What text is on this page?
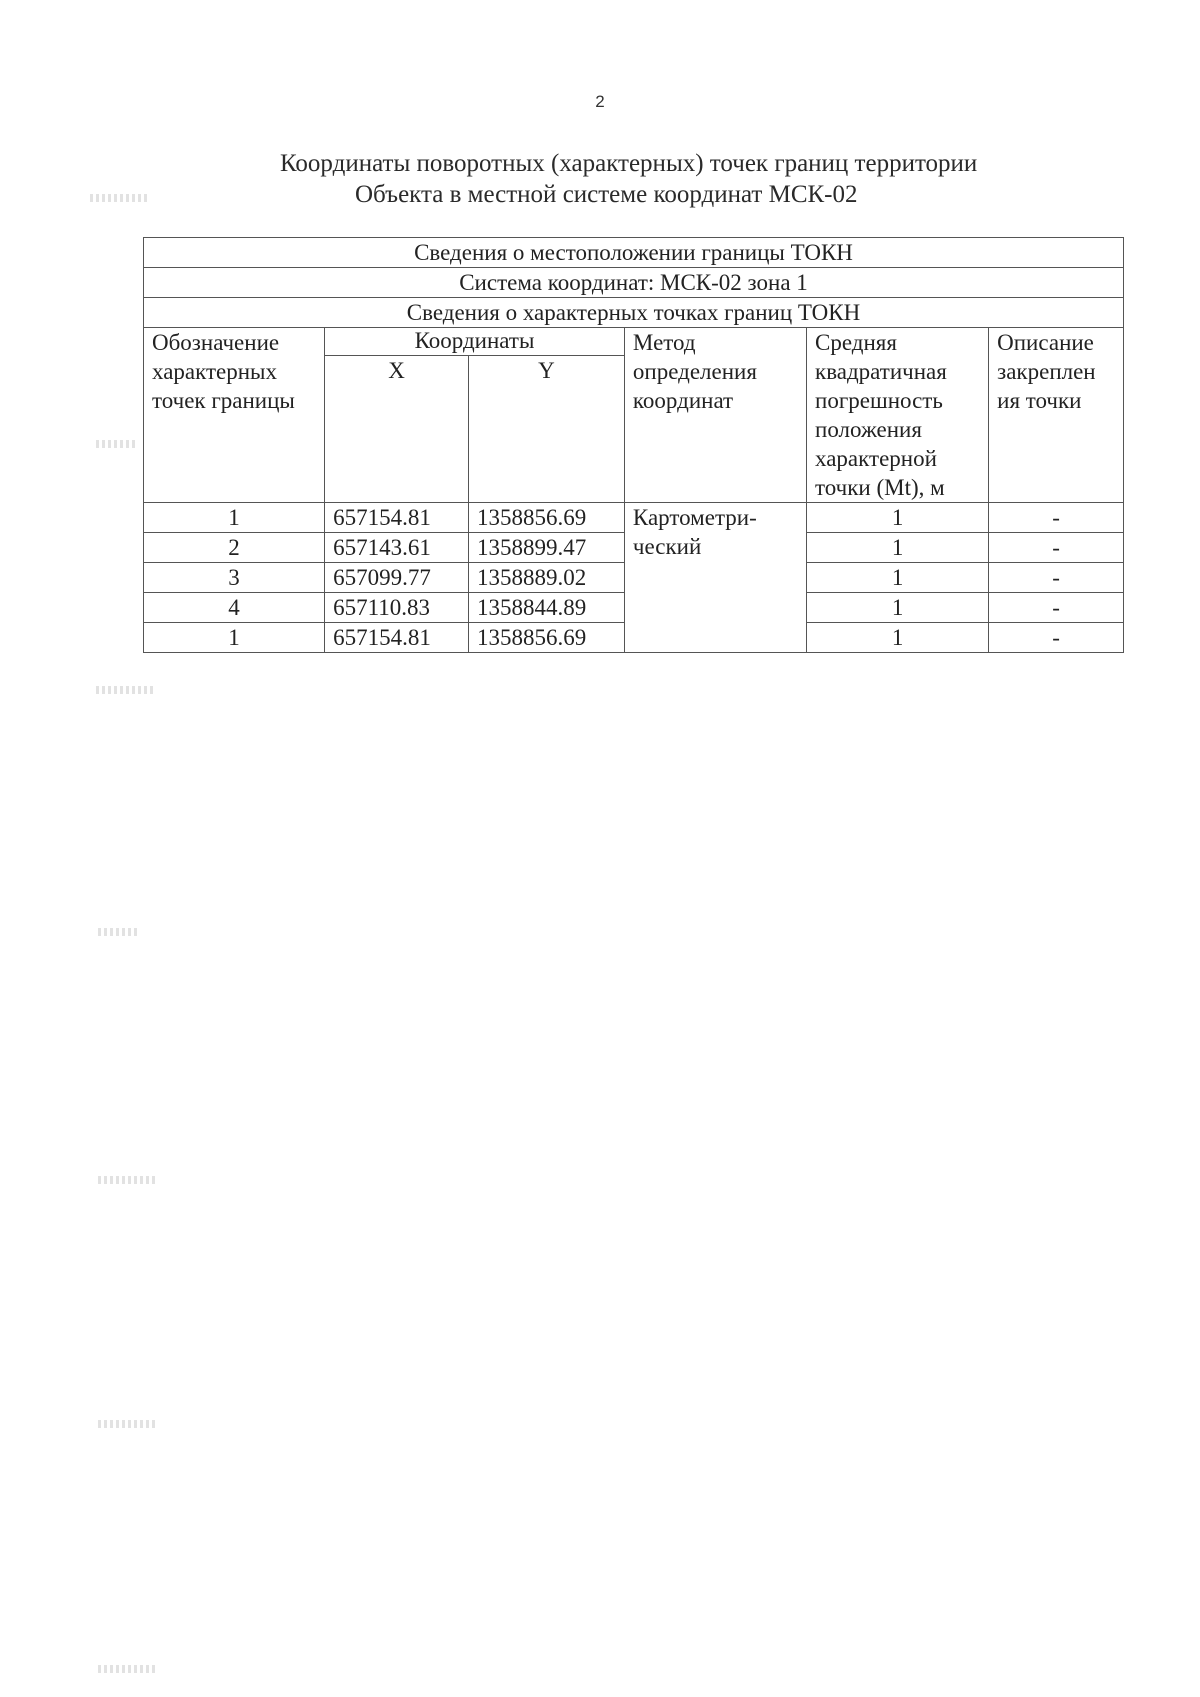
2
Координаты поворотных (характерных) точек границ территории
Объекта в местной системе координат МСК-02
Сведения о местоположении границы ТОКН					
Система координат: МСК-02 зона 1					
Сведения о характерных точках границ ТОКН					
Обозначение характерных точек границы	Координаты		Метод определения координат	Средняя квадратичная погрешность положения характерной точки (Mt), м	Описание закреплен ия точки
	X	Y			
1	657154.81	1358856.69	Картометри-ческий	1	-
2	657143.61	1358899.47		1	-
3	657099.77	1358889.02		1	-
4	657110.83	1358844.89		1	-
1	657154.81	1358856.69		1	-
